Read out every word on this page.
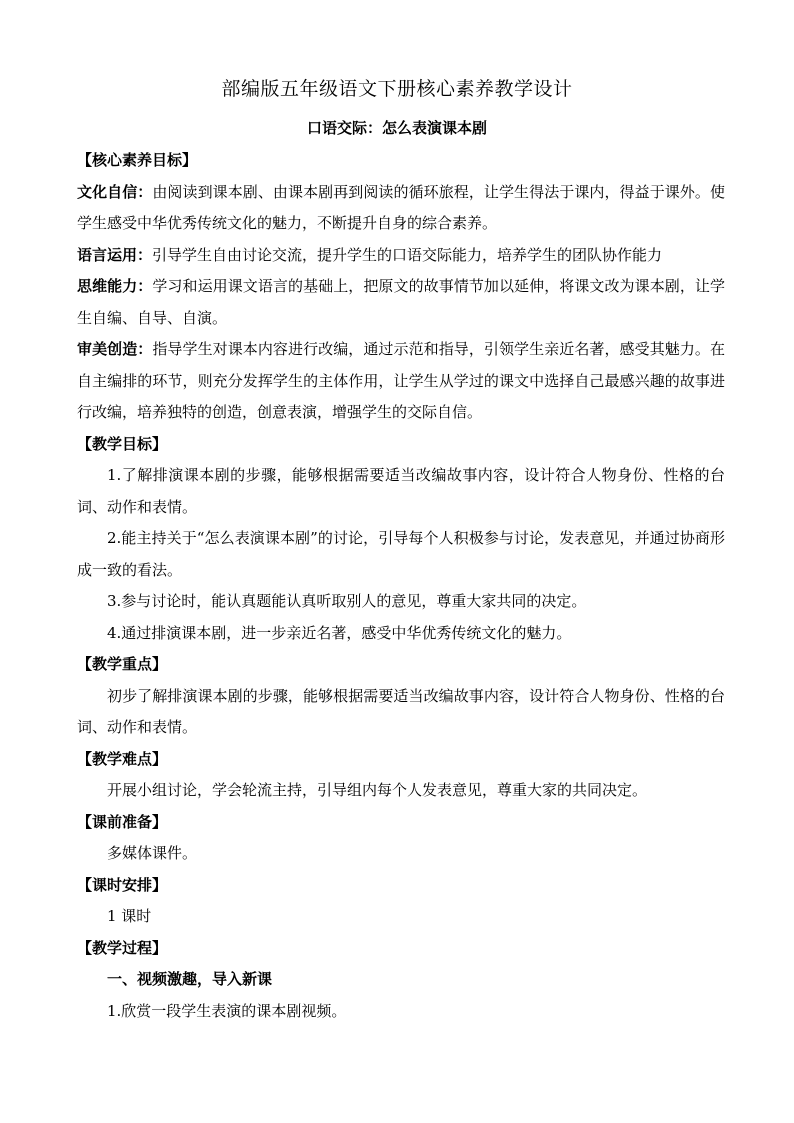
部编版五年级语文下册核心素养教学设计
口语交际：怎么表演课本剧

【核心素养目标】

文化自信：由阅读到课本剧、由课本剧再到阅读的循环旅程，让学生得法于课内，得益于课外。使学生感受中华优秀传统文化的魅力，不断提升自身的综合素养。

语言运用：引导学生自由讨论交流，提升学生的口语交际能力，培养学生的团队协作能力

思维能力：学习和运用课文语言的基础上，把原文的故事情节加以延伸，将课文改为课本剧，让学生自编、自导、自演。

审美创造：指导学生对课本内容进行改编，通过示范和指导，引领学生亲近名著，感受其魅力。在自主编排的环节，则充分发挥学生的主体作用，让学生从学过的课文中选择自己最感兴趣的故事进行改编，培养独特的创造，创意表演，增强学生的交际自信。

【教学目标】

1.了解排演课本剧的步骤，能够根据需要适当改编故事内容，设计符合人物身份、性格的台词、动作和表情。

2.能主持关于“怎么表演课本剧”的讨论，引导每个人积极参与讨论，发表意见，并通过协商形成一致的看法。

3.参与讨论时，能认真题能认真听取别人的意见，尊重大家共同的决定。

4.通过排演课本剧，进一步亲近名著，感受中华优秀传统文化的魅力。

【教学重点】

初步了解排演课本剧的步骤，能够根据需要适当改编故事内容，设计符合人物身份、性格的台词、动作和表情。

【教学难点】

开展小组讨论，学会轮流主持，引导组内每个人发表意见，尊重大家的共同决定。

【课前准备】

多媒体课件。

【课时安排】

1 课时

【教学过程】

一、视频激趣，导入新课

1.欣赏一段学生表演的课本剧视频。
